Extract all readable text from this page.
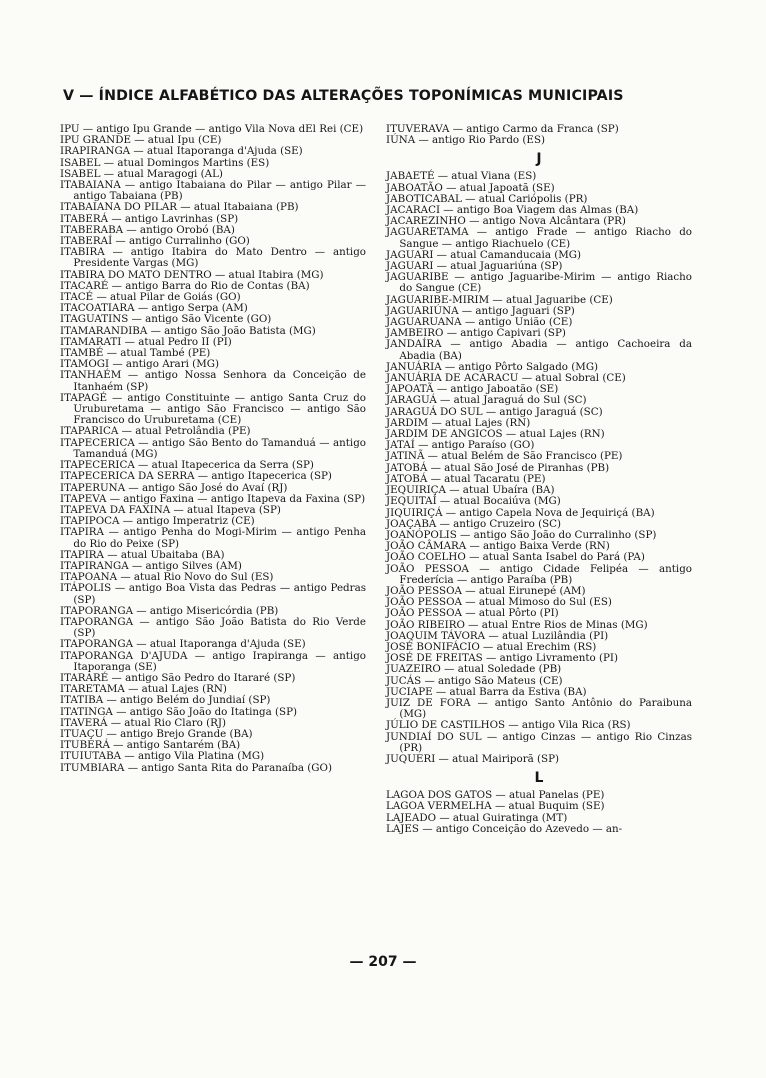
V — ÍNDICE ALFABÉTICO DAS ALTERAÇÕES TOPONÍMICAS MUNICIPAIS

IPU — antigo Ipu Grande — antigo Vila Nova dEl Rei (CE)

IPU GRANDE — atual Ipu (CE)

IRAPIRANGA — atual Itaporanga d'Ajuda (SE)

ISABEL — atual Domingos Martins (ES)

ISABEL — atual Maragogi (AL)

ITABAIANA — antigo Itabaiana do Pilar — antigo Pilar — antigo Tabaiana (PB)

ITABAIANA DO PILAR — atual Itabaiana (PB)

ITABERÁ — antigo Lavrinhas (SP)

ITABERABA — antigo Orobó (BA)

ITABERAÍ — antigo Curralinho (GO)

ITABIRA — antigo Itabira do Mato Dentro — antigo Presidente Vargas (MG)

ITABIRA DO MATO DENTRO — atual Itabira (MG)

ITACARÉ — antigo Barra do Rio de Contas (BA)

ITACÉ — atual Pilar de Goiás (GO)

ITACOATIARA — antigo Serpa (AM)

ITAGUATINS — antigo São Vicente (GO)

ITAMARANDIBA — antigo São João Batista (MG)

ITAMARATI — atual Pedro II (PI)

ITAMBÉ — atual També (PE)

ITAMOGI — antigo Arari (MG)

ITANHAÉM — antigo Nossa Senhora da Conceição de Itanhaém (SP)

ITAPAGÉ — antigo Constituinte — antigo Santa Cruz do Uruburetama — antigo São Francisco — antigo São Francisco do Uruburetama (CE)

ITAPARICA — atual Petrolândia (PE)

ITAPECERICA — antigo São Bento do Tamanduá — antigo Tamanduá (MG)

ITAPECERICA — atual Itapecerica da Serra (SP)

ITAPECERICA DA SERRA — antigo Itapecerica (SP)

ITAPERUNA — antigo São José do Avaí (RJ)

ITAPEVA — antigo Faxina — antigo Itapeva da Faxina (SP)

ITAPEVA DA FAXINA — atual Itapeva (SP)

ITAPIPOCA — antigo Imperatriz (CE)

ITAPIRA — antigo Penha do Mogi-Mirim — antigo Penha do Rio do Peixe (SP)

ITAPIRA — atual Ubaitaba (BA)

ITAPIRANGA — antigo Silves (AM)

ITAPOANA — atual Rio Novo do Sul (ES)

ITÁPOLIS — antigo Boa Vista das Pedras — antigo Pedras (SP)

ITAPORANGA — antigo Misericórdia (PB)

ITAPORANGA — antigo São João Batista do Rio Verde (SP)

ITAPORANGA — atual Itaporanga d'Ajuda (SE)

ITAPORANGA D'AJUDA — antigo Irapiranga — antigo Itaporanga (SE)

ITARARÉ — antigo São Pedro do Itararé (SP)

ITARETAMA — atual Lajes (RN)

ITATIBA — antigo Belém do Jundiaí (SP)

ITATINGA — antigo São João do Itatinga (SP)

ITAVERÁ — atual Rio Claro (RJ)

ITUAÇU — antigo Brejo Grande (BA)

ITUBERÁ — antigo Santarém (BA)

ITUIUTABA — antigo Vila Platina (MG)

ITUMBIARA — antigo Santa Rita do Paranaíba (GO)

ITUVERAVA — antigo Carmo da Franca (SP)

IÚNA — antigo Rio Pardo (ES)

J

JABAETÉ — atual Viana (ES)

JABOATÃO — atual Japoatã (SE)

JABOTICABAL — atual Cariópolis (PR)

JACARACI — antigo Boa Viagem das Almas (BA)

JACAREZINHO — antigo Nova Alcântara (PR)

JAGUARETAMA — antigo Frade — antigo Riacho do Sangue — antigo Riachuelo (CE)

JAGUARI — atual Camanducaia (MG)

JAGUARI — atual Jaguariúna (SP)

JAGUARIBE — antigo Jaguaribe-Mirim — antigo Riacho do Sangue (CE)

JAGUARIBE-MIRIM — atual Jaguaribe (CE)

JAGUARIÚNA — antigo Jaguari (SP)

JAGUARUANA — antigo União (CE)

JAMBEIRO — antigo Capivari (SP)

JANDAÍRA — antigo Abadia — antigo Cachoeira da Abadia (BA)

JANUÁRIA — antigo Pôrto Salgado (MG)

JANUÁRIA DE ACARACU — atual Sobral (CE)

JAPOATÃ — antigo Jaboatão (SE)

JARAGUÁ — atual Jaraguá do Sul (SC)

JARAGUÁ DO SUL — antigo Jaraguá (SC)

JARDIM — atual Lajes (RN)

JARDIM DE ANGICOS — atual Lajes (RN)

JATAÍ — antigo Paraíso (GO)

JATINÃ — atual Belém de São Francisco (PE)

JATOBÁ — atual São José de Piranhas (PB)

JATOBÁ — atual Tacaratu (PE)

JEQUIRIÇA — atual Ubaíra (BA)

JEQUITAÍ — atual Bocaiúva (MG)

JIQUIRIÇÁ — antigo Capela Nova de Jequiriçá (BA)

JOAÇABA — antigo Cruzeiro (SC)

JOANÓPOLIS — antigo São João do Curralinho (SP)

JOÃO CÂMARA — antigo Baixa Verde (RN)

JOÃO COELHO — atual Santa Isabel do Pará (PA)

JOÃO PESSOA — antigo Cidade Felipéa — antigo Frederícia — antigo Paraíba (PB)

JOÃO PESSOA — atual Eirunepé (AM)

JOÃO PESSOA — atual Mimoso do Sul (ES)

JOÃO PESSOA — atual Pôrto (PI)

JOÃO RIBEIRO — atual Entre Rios de Minas (MG)

JOAQUIM TÁVORA — atual Luzilândia (PI)

JOSÉ BONIFÁCIO — atual Erechim (RS)

JOSÉ DE FREITAS — antigo Livramento (PI)

JUAZEIRO — atual Soledade (PB)

JUCÁS — antigo São Mateus (CE)

JUCIAPE — atual Barra da Estiva (BA)

JUIZ DE FORA — antigo Santo Antônio do Paraibuna (MG)

JÚLIO DE CASTILHOS — antigo Vila Rica (RS)

JUNDIAÍ DO SUL — antigo Cinzas — antigo Rio Cinzas (PR)

JUQUERI — atual Mairiporã (SP)

L

LAGOA DOS GATOS — atual Panelas (PE)

LAGOA VERMELHA — atual Buquim (SE)

LAJEADO — atual Guiratinga (MT)

LAJES — antigo Conceição do Azevedo — an-

— 207 —
